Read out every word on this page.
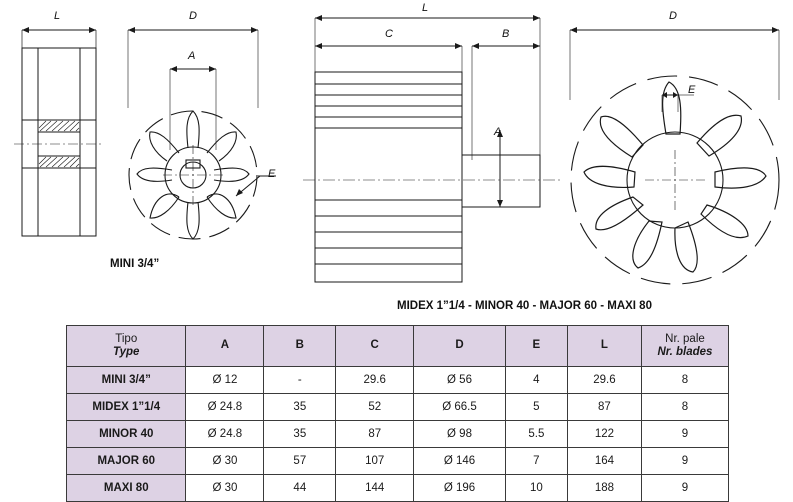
L	D
A
E
L
C	B
A
D
E
MINI 3/4”
MIDEX 1”1/4 - MINOR 40 - MAJOR 60 - MAXI 80
Tipo
Type	A	B	C	D	E	L	Nr. pale
Nr. blades

MINI 3/4”	Ø 12	-	29.6	Ø 56	4	29.6	8
MIDEX 1”1/4	Ø 24.8	35	52	Ø 66.5	5	87	8
MINOR 40	Ø 24.8	35	87	Ø 98	5.5	122	9
MAJOR 60	Ø 30	57	107	Ø 146	7	164	9
MAXI 80	Ø 30	44	144	Ø 196	10	188	9
